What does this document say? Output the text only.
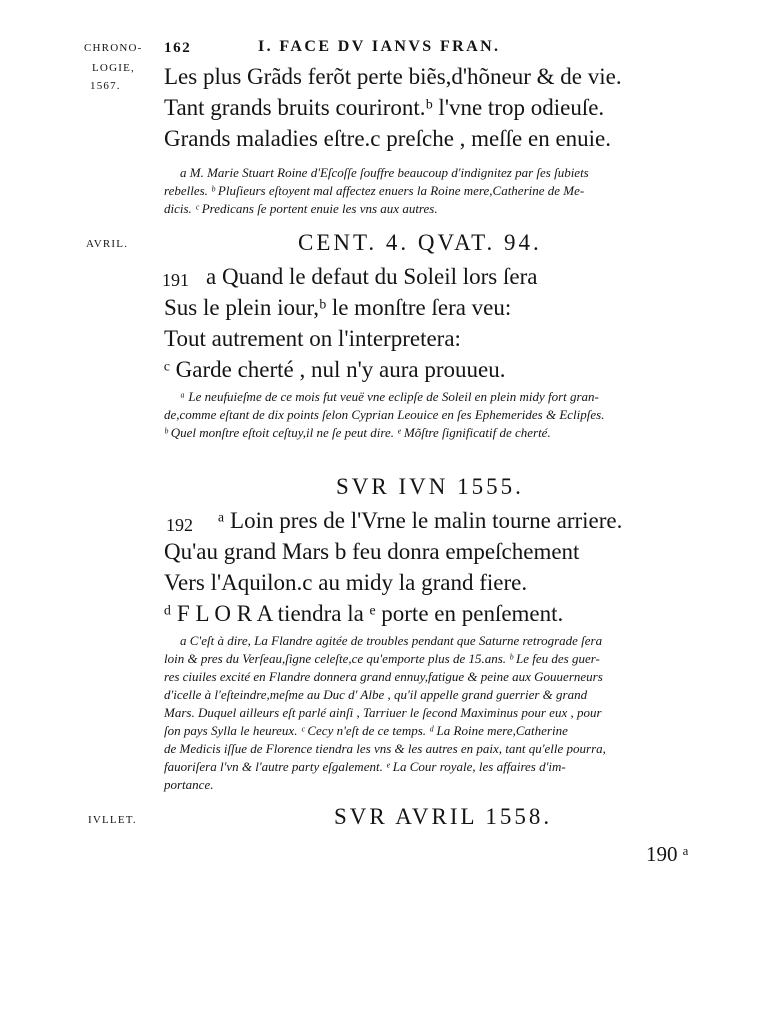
CHRONO-
LOGIE,
1567.
162	I. FACE DV IANVS FRAN.
Les plus Grãds ferõt perte biẽs,d'hõneur & de vie.
Tant grands bruits couriront.ᵇ l'vne trop odieuſe.
Grands maladies eſtre.c preſche , meſſe en enuie.
a M. Marie Stuart Roine d'Eſcoſſe ſouffre beaucoup d'indignitez par ſes ſubiets
rebelles. ᵇ Pluſieurs eſtoyent mal affectez enuers la Roine mere,Catherine de Me-
dicis. ᶜ Predicans ſe portent enuie les vns aux autres.
AVRIL.	CENT. 4. QVAT. 94.
191 a Quand le defaut du Soleil lors ſera
Sus le plein iour,ᵇ le monſtre ſera veu:
Tout autrement on l'interpretera:
ᶜ Garde cherté , nul n'y aura prouueu.
ᵃ Le neufuieſme de ce mois fut veuë vne eclipſe de Soleil en plein midy fort gran-
de,comme eſtant de dix points ſelon Cyprian Leouice en ſes Ephemerides & Eclipſes.
ᵇ Quel monſtre eſtoit ceſtuy,il ne ſe peut dire. ᵉ Mõſtre ſignificatif de cherté.
SVR IVN 1555.
192 ᵃ Loin pres de l'Vrne le malin tourne arriere.
Qu'au grand Mars b feu donra empeſchement
Vers l'Aquilon.c au midy la grand fiere.
ᵈ F L O R A tiendra la ᵉ porte en penſement.
a C'eſt à dire, La Flandre agitée de troubles pendant que Saturne retrograde ſera
loin & pres du Verſeau,ſigne celeſte,ce qu'emporte plus de 15.ans. ᵇ Le feu des guer-
res ciuiles excité en Flandre donnera grand ennuy,fatigue & peine aux Gouuerneurs
d'icelle à l'eſteindre,meſme au Duc d' Albe , qu'il appelle grand guerrier & grand
Mars. Duquel ailleurs eſt parlé ainſi , Tarriuer le ſecond Maximinus pour eux , pour
ſon pays Sylla le heureux. ᶜ Cecy n'eſt de ce temps. ᵈ La Roine mere,Catherine
de Medicis iſſue de Florence tiendra les vns & les autres en paix, tant qu'elle pourra,
fauoriſera l'vn & l'autre party eſgalement. ᵉ La Cour royale, les affaires d'im-
portance.
IVLLET.	SVR AVRIL 1558.
190 ᵃ
